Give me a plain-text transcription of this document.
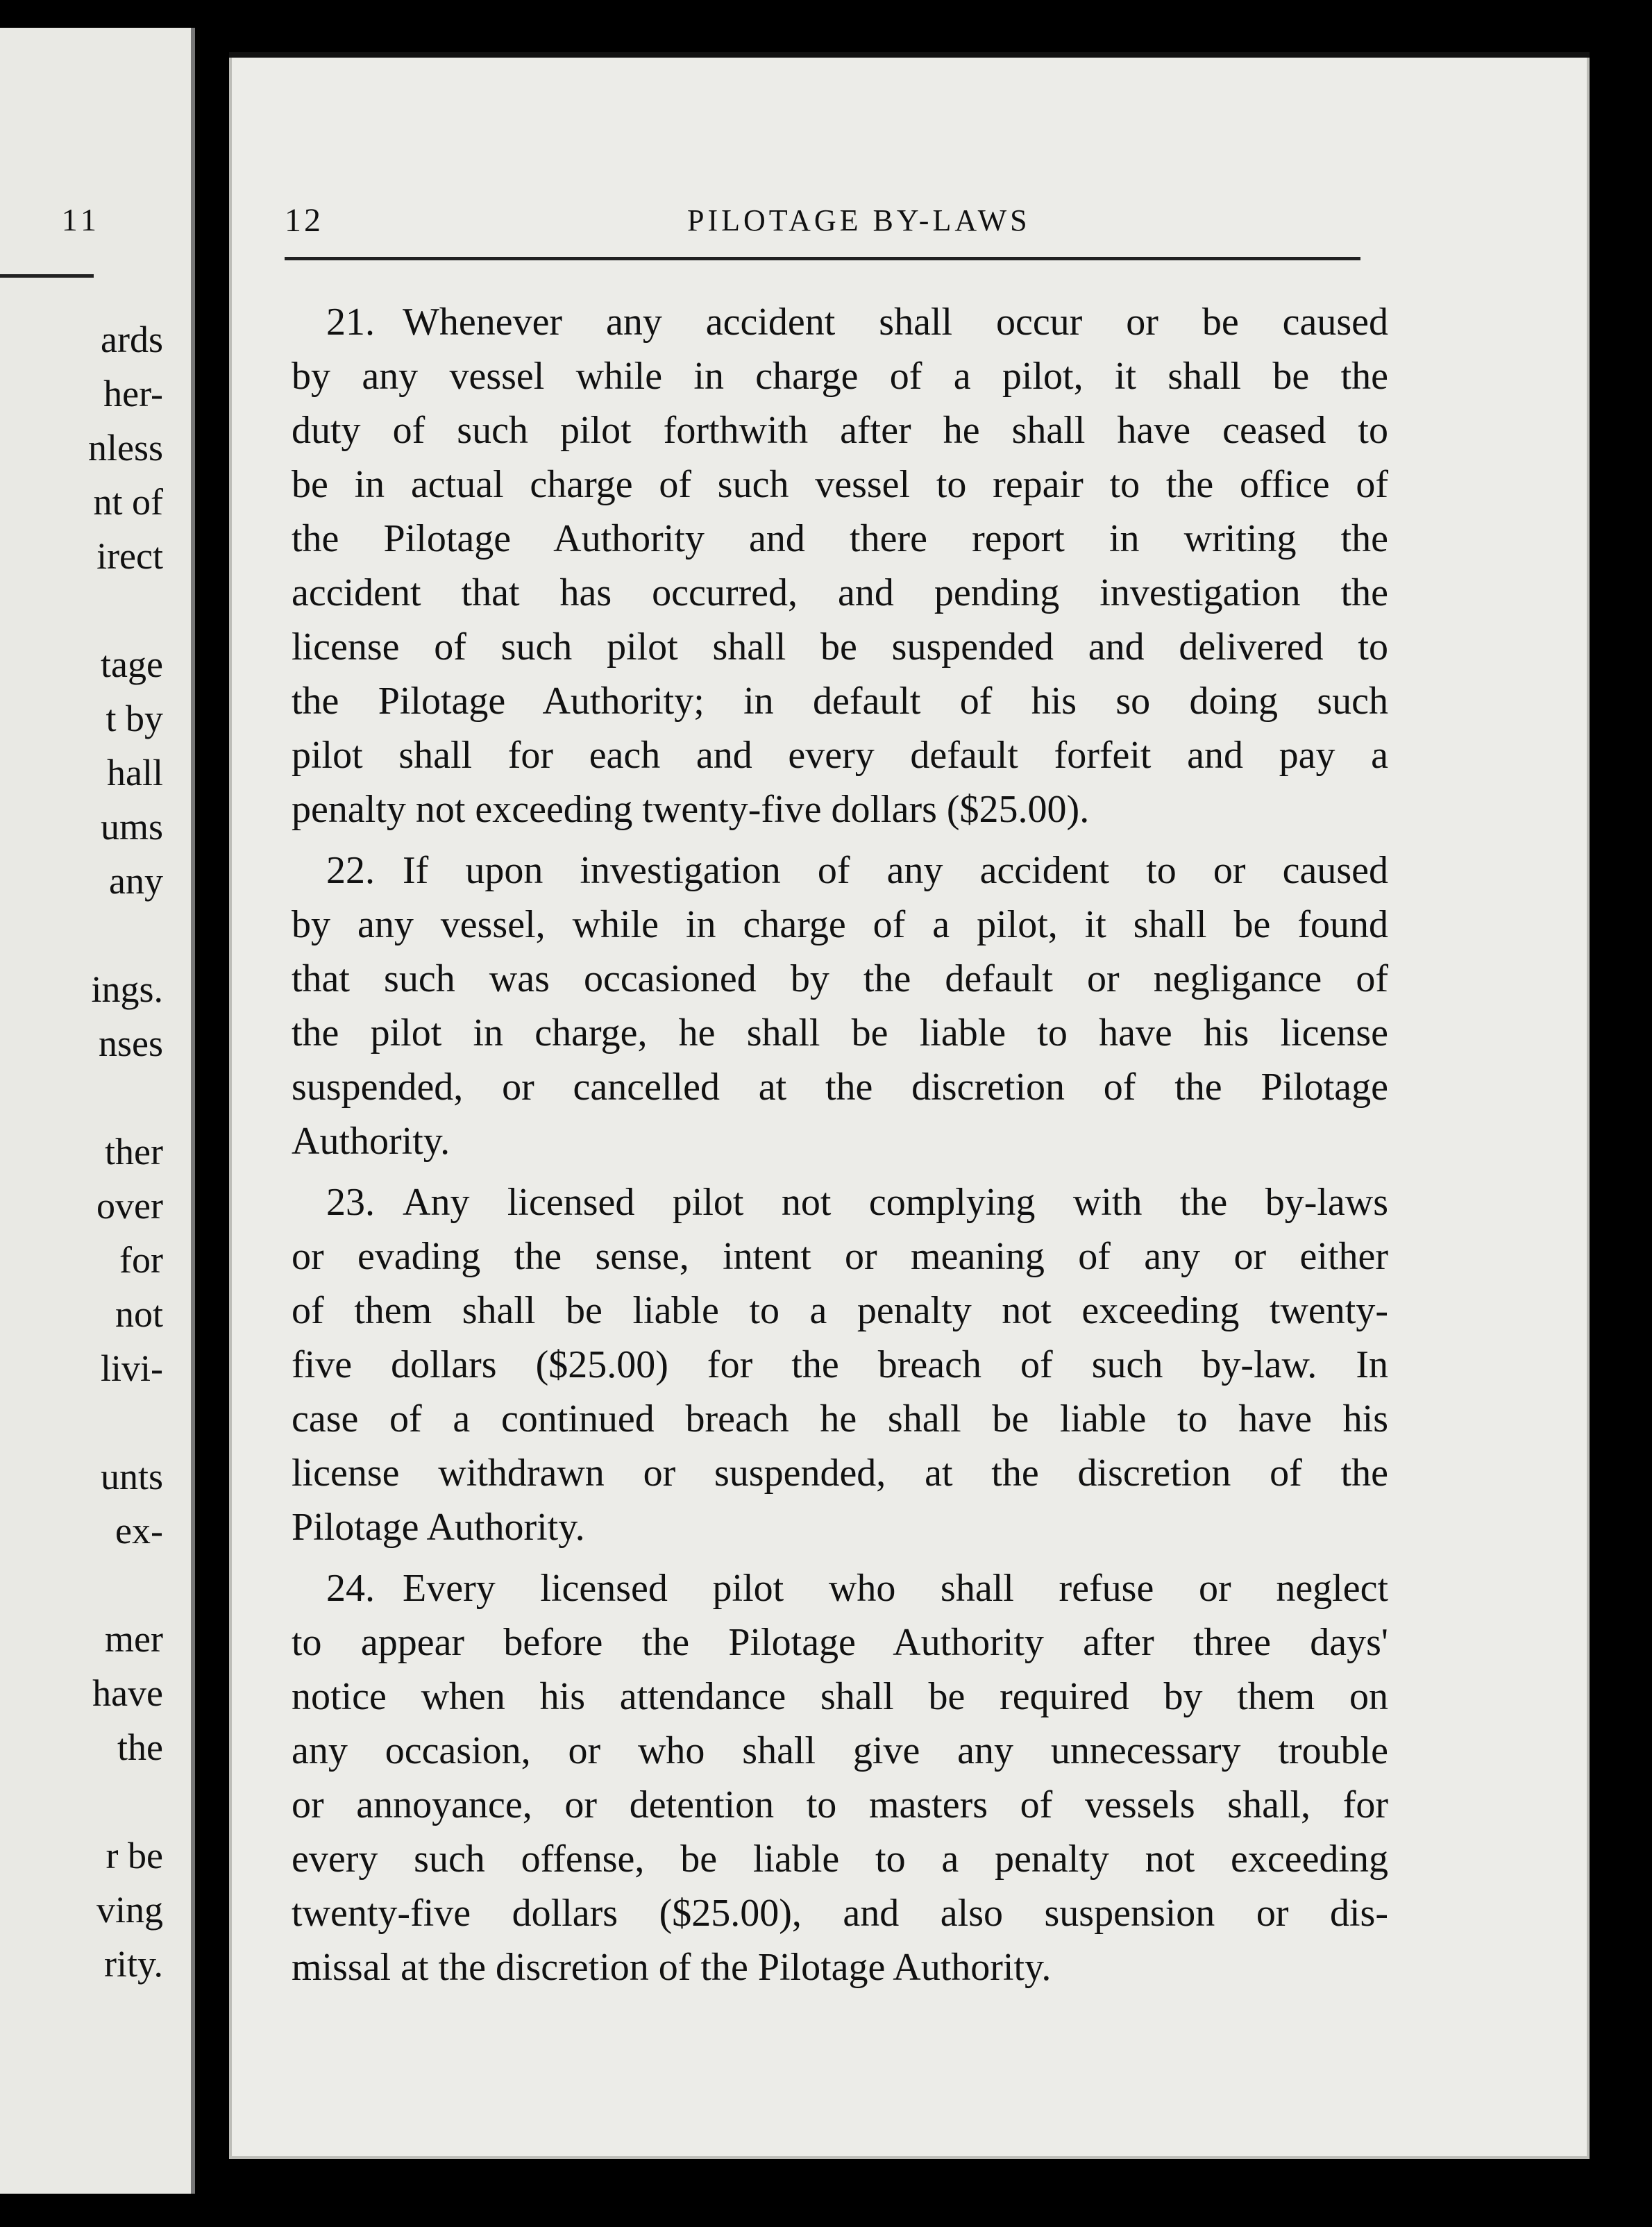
11
ards
her-
nless
nt of
irect
tage
t by
hall
ums
any
ings.
nses
ther
over
for
not
livi-
unts
ex-
mer
have
the
r be
ving
rity.
12	PILOTAGE BY-LAWS
21. Whenever any accident shall occur or be caused
by any vessel while in charge of a pilot, it shall be the
duty of such pilot forthwith after he shall have ceased to
be in actual charge of such vessel to repair to the office of
the Pilotage Authority and there report in writing the
accident that has occurred, and pending investigation the
license of such pilot shall be suspended and delivered to
the Pilotage Authority; in default of his so doing such
pilot shall for each and every default forfeit and pay a
penalty not exceeding twenty-five dollars ($25.00).
22. If upon investigation of any accident to or caused
by any vessel, while in charge of a pilot, it shall be found
that such was occasioned by the default or negligance of
the pilot in charge, he shall be liable to have his license
suspended, or cancelled at the discretion of the Pilotage
Authority.
23. Any licensed pilot not complying with the by-laws
or evading the sense, intent or meaning of any or either
of them shall be liable to a penalty not exceeding twenty-
five dollars ($25.00) for the breach of such by-law. In
case of a continued breach he shall be liable to have his
license withdrawn or suspended, at the discretion of the
Pilotage Authority.
24. Every licensed pilot who shall refuse or neglect
to appear before the Pilotage Authority after three days'
notice when his attendance shall be required by them on
any occasion, or who shall give any unnecessary trouble
or annoyance, or detention to masters of vessels shall, for
every such offense, be liable to a penalty not exceeding
twenty-five dollars ($25.00), and also suspension or dis-
missal at the discretion of the Pilotage Authority.
